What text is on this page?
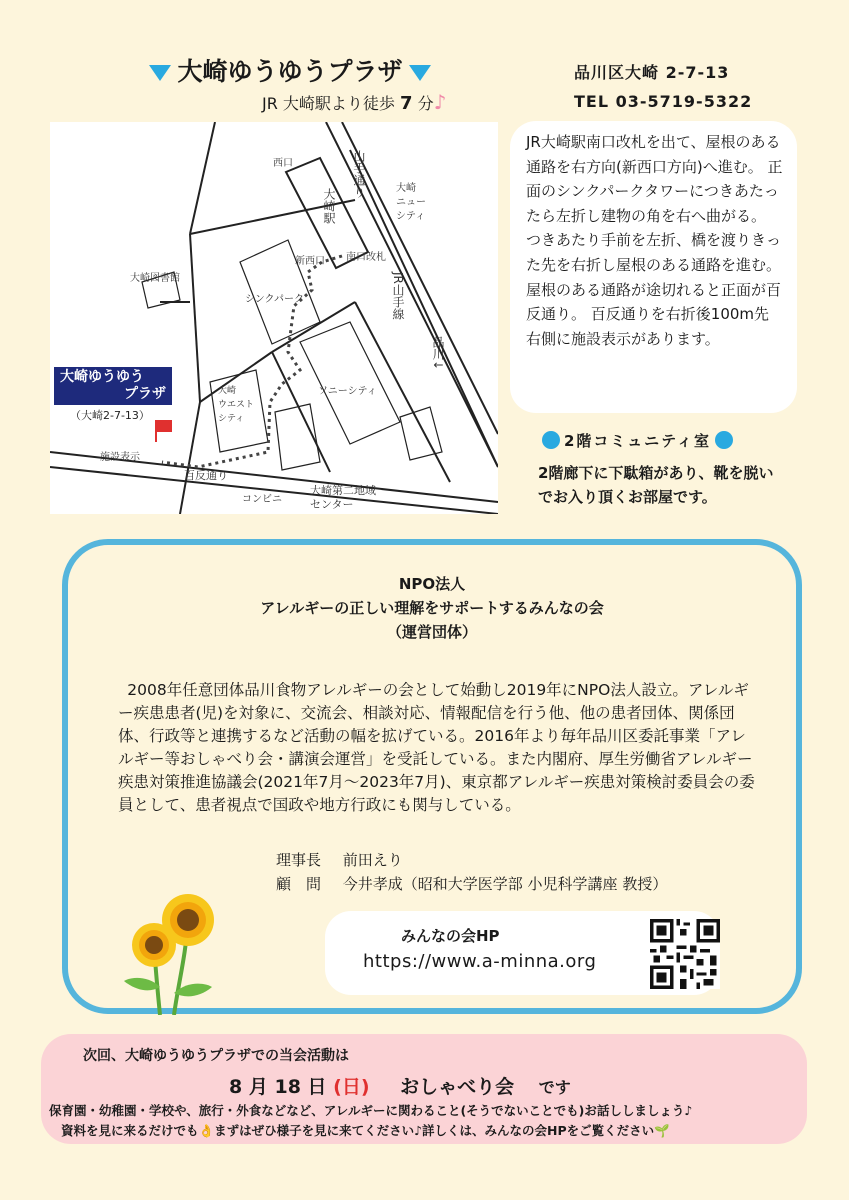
大崎ゆうゆうプラザ
JR 大崎駅より徒歩 7 分♪
品川区大崎 2-7-13
TEL 03-5719-5322
西口	山手通り
大崎駅	大崎
ニュー
シティ
南口改札
新西口
大崎図書館
シンクパーク	JR山手線
品川↓
ソニーシティ
大崎
ウエスト
シティ
施設表示
百反通り
コンビニ
大崎第二地域
センター
大崎ゆうゆう
プラザ
（大崎2-7-13）

JR大崎駅南口改札を出て、屋根のある通路を右方向(新西口方向)へ進む。 正面のシンクパークタワーにつきあたったら左折し建物の角を右へ曲がる。 つきあたり手前を左折、橋を渡りきった先を右折し屋根のある通路を進む。 屋根のある通路が途切れると正面が百反通り。 百反通りを右折後100m先右側に施設表示があります。

2階コミュニティ室
2階廊下に下駄箱があり、靴を脱いでお入り頂くお部屋です。
NPO法人
アレルギーの正しい理解をサポートするみんなの会
（運営団体）

2008年任意団体品川食物アレルギーの会として始動し2019年にNPO法人設立。アレルギー疾患患者(児)を対象に、交流会、相談対応、情報配信を行う他、他の患者団体、関係団体、行政等と連携するなど活動の幅を拡げている。2016年より毎年品川区委託事業「アレルギー等おしゃべり会・講演会運営」を受託している。また内閣府、厚生労働省アレルギー疾患対策推進協議会(2021年7月～2023年7月)、東京都アレルギー疾患対策検討委員会の委員として、患者視点で国政や地方行政にも関与している。

理事長 前田えり
顧　問 今井孝成（昭和大学医学部 小児科学講座 教授）
みんなの会HP
https://www.a-minna.org
次回、大崎ゆうゆうプラザでの当会活動は
8 月 18 日 (日) おしゃべり会 です
保育園・幼稚園・学校や、旅行・外食などなど、アレルギーに関わること(そうでないことでも)お話ししましょう♪
資料を見に来るだけでも👌まずはぜひ様子を見に来てください♪詳しくは、みんなの会HPをご覧ください🌱
